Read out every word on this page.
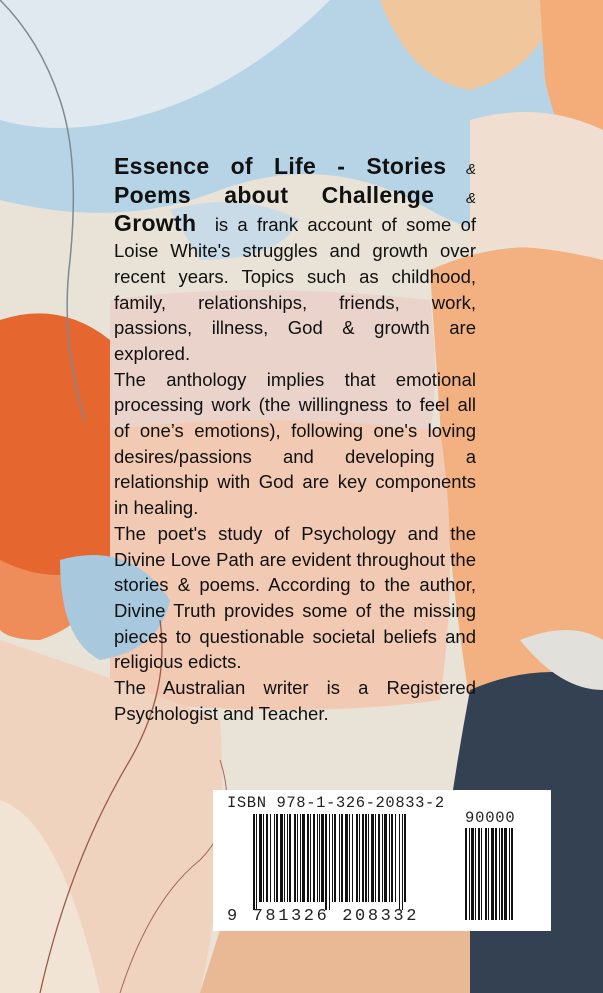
Essence of Life - Stories & Poems about Challenge & Growth is a frank account of some of Loise White's struggles and growth over recent years. Topics such as childhood, family, relationships, friends, work, passions, illness, God & growth are explored.

The anthology implies that emotional processing work (the willingness to feel all of one’s emotions), following one's loving desires/passions and developing a relationship with God are key components in healing.

The poet's study of Psychology and the Divine Love Path are evident throughout the stories & poems. According to the author, Divine Truth provides some of the missing pieces to questionable societal beliefs and religious edicts.

The Australian writer is a Registered Psychologist and Teacher.

ISBN 978-1-326-20833-2
90000
9 781326 208332
